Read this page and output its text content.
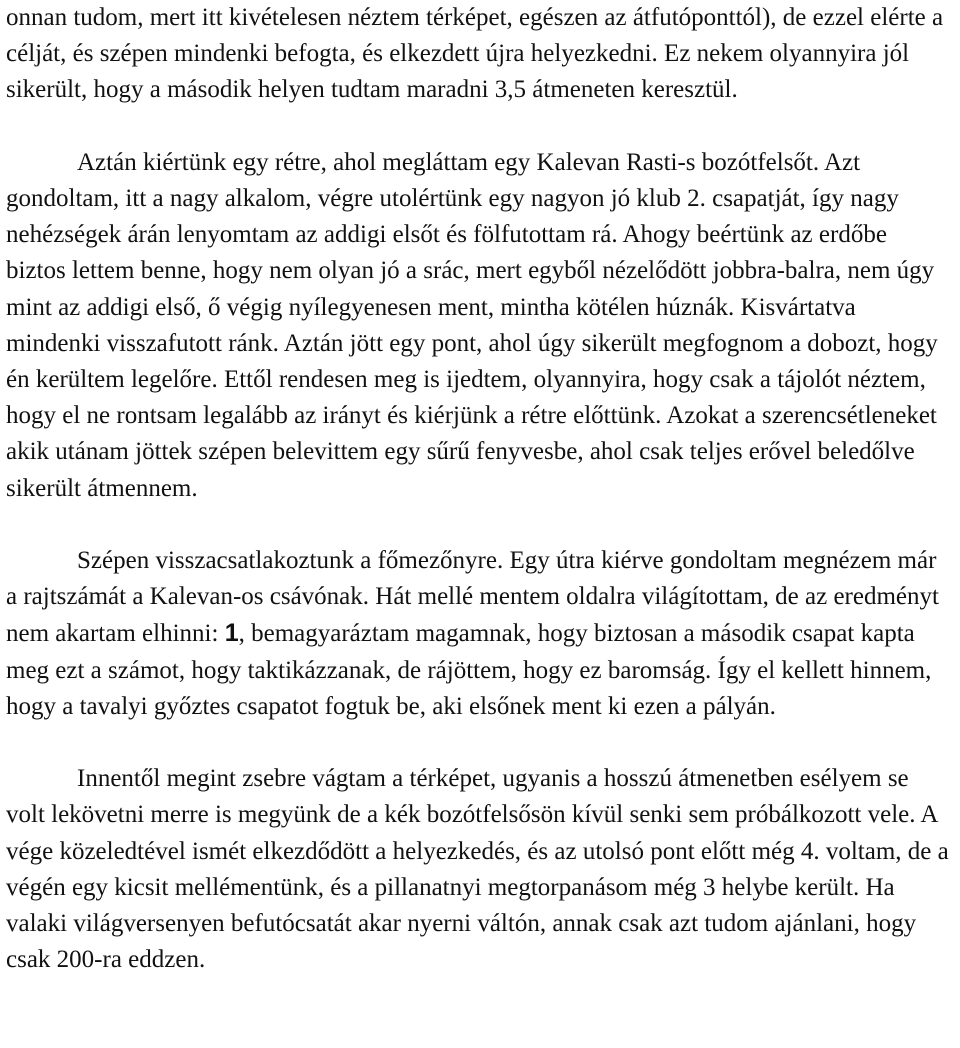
onnan tudom, mert itt kivételesen néztem térképet, egészen az átfutóponttól), de ezzel elérte a célját, és szépen mindenki befogta, és elkezdett újra helyezkedni. Ez nekem olyannyira jól sikerült, hogy a második helyen tudtam maradni 3,5 átmeneten keresztül.

Aztán kiértünk egy rétre, ahol megláttam egy Kalevan Rasti-s bozótfelsőt. Azt gondoltam, itt a nagy alkalom, végre utolértünk egy nagyon jó klub 2. csapatját, így nagy nehézségek árán lenyomtam az addigi elsőt és fölfutottam rá. Ahogy beértünk az erdőbe biztos lettem benne, hogy nem olyan jó a srác, mert egyből nézelődött jobbra-balra, nem úgy mint az addigi első, ő végig nyílegyenesen ment, mintha kötélen húznák. Kisvártatva mindenki visszafutott ránk. Aztán jött egy pont, ahol úgy sikerült megfognom a dobozt, hogy én kerültem legelőre. Ettől rendesen meg is ijedtem, olyannyira, hogy csak a tájolót néztem, hogy el ne rontsam legalább az irányt és kiérjünk a rétre előttünk. Azokat a szerencsétleneket akik utánam jöttek szépen belevittem egy sűrű fenyvesbe, ahol csak teljes erővel beledőlve sikerült átmennem.

Szépen visszacsatlakoztunk a főmezőnyre. Egy útra kiérve gondoltam megnézem már a rajtszámát a Kalevan-os csávónak. Hát mellé mentem oldalra világítottam, de az eredményt nem akartam elhinni: 1, bemagyaráztam magamnak, hogy biztosan a második csapat kapta meg ezt a számot, hogy taktikázzanak, de rájöttem, hogy ez baromság. Így el kellett hinnem, hogy a tavalyi győztes csapatot fogtuk be, aki elsőnek ment ki ezen a pályán.

Innentől megint zsebre vágtam a térképet, ugyanis a hosszú átmenetben esélyem se volt lekövetni merre is megyünk de a kék bozótfelsősön kívül senki sem próbálkozott vele. A vége közeledtével ismét elkezdődött a helyezkedés, és az utolsó pont előtt még 4. voltam, de a végén egy kicsit mellémentünk, és a pillanatnyi megtorpanásom még 3 helybe került. Ha valaki világversenyen befutócsatát akar nyerni váltón, annak csak azt tudom ajánlani, hogy csak 200-ra eddzen.
